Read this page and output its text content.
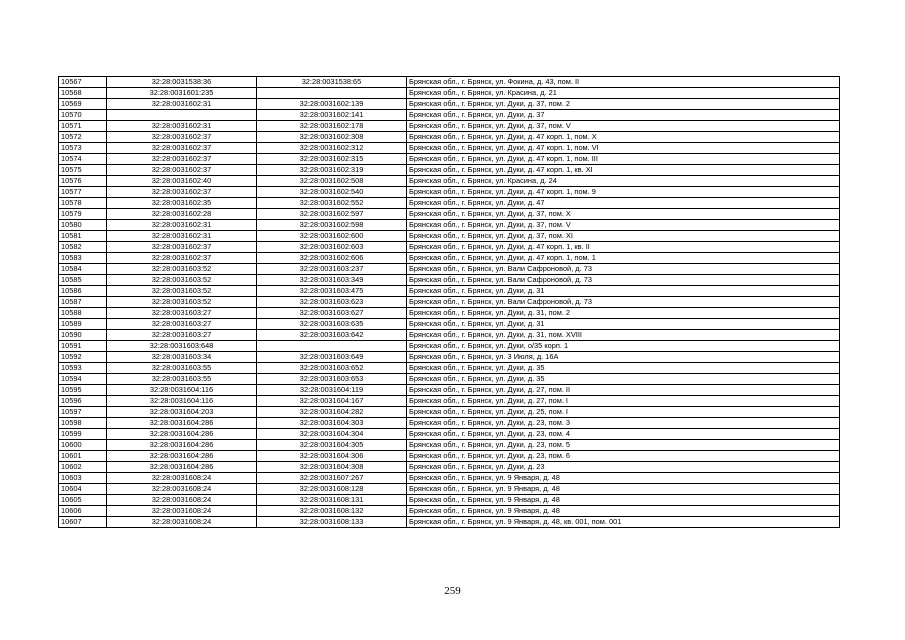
10567	32:28:0031538:36	32:28:0031538:65	Брянская обл., г. Брянск, ул. Фокина, д. 43, пом. II
10568	32:28:0031601:235		Брянская обл., г. Брянск, ул. Красина, д. 21
10569	32:28:0031602:31	32:28:0031602:139	Брянская обл., г. Брянск, ул. Дуки, д. 37, пом. 2
10570		32:28:0031602:141	Брянская обл., г. Брянск, ул. Дуки, д. 37
10571	32:28:0031602:31	32:28:0031602:178	Брянская обл., г. Брянск, ул. Дуки, д. 37, пом. V
10572	32:28:0031602:37	32:28:0031602:308	Брянская обл., г. Брянск, ул. Дуки, д. 47 корп. 1, пом. X
10573	32:28:0031602:37	32:28:0031602:312	Брянская обл., г. Брянск, ул. Дуки, д. 47 корп. 1, пом. VI
10574	32:28:0031602:37	32:28:0031602:315	Брянская обл., г. Брянск, ул. Дуки, д. 47 корп. 1, пом. III
10575	32:28:0031602:37	32:28:0031602:319	Брянская обл., г. Брянск, ул. Дуки, д. 47 корп. 1, кв. XI
10576	32:28:0031602:40	32:28:0031602:508	Брянская обл., г. Брянск, ул. Красина, д. 24
10577	32:28:0031602:37	32:28:0031602:540	Брянская обл., г. Брянск, ул. Дуки, д. 47 корп. 1, пом. 9
10578	32:28:0031602:35	32:28:0031602:552	Брянская обл., г. Брянск, ул. Дуки, д. 47
10579	32:28:0031602:28	32:28:0031602:597	Брянская обл., г. Брянск, ул. Дуки, д. 37, пом. X
10580	32:28:0031602:31	32:28:0031602:598	Брянская обл., г. Брянск, ул. Дуки, д. 37, пом. V
10581	32:28:0031602:31	32:28:0031602:600	Брянская обл., г. Брянск, ул. Дуки, д. 37, пом. XI
10582	32:28:0031602:37	32:28:0031602:603	Брянская обл., г. Брянск, ул. Дуки, д. 47 корп. 1, кв. II
10583	32:28:0031602:37	32:28:0031602:606	Брянская обл., г. Брянск, ул. Дуки, д. 47 корп. 1, пом. 1
10584	32:28:0031603:52	32:28:0031603:237	Брянская обл., г. Брянск, ул. Вали Сафроновой, д. 73
10585	32:28:0031603:52	32:28:0031603:349	Брянская обл., г. Брянск, ул. Вали Сафроновой, д. 73
10586	32:28:0031603:52	32:28:0031603:475	Брянская обл., г. Брянск, ул. Дуки, д. 31
10587	32:28:0031603:52	32:28:0031603:623	Брянская обл., г. Брянск, ул. Вали Сафроновой, д. 73
10588	32:28:0031603:27	32:28:0031603:627	Брянская обл., г. Брянск, ул. Дуки, д. 31, пом. 2
10589	32:28:0031603:27	32:28:0031603:635	Брянская обл., г. Брянск, ул. Дуки, д. 31
10590	32:28:0031603:27	32:28:0031603:642	Брянская обл., г. Брянск, ул. Дуки, д. 31, пом. XVIII
10591	32:28:0031603:648		Брянская обл., г. Брянск, ул. Дуки, о/35 корп. 1
10592	32:28:0031603:34	32:28:0031603:649	Брянская обл., г. Брянск, ул. 3 Июля, д. 16А
10593	32:28:0031603:55	32:28:0031603:652	Брянская обл., г. Брянск, ул. Дуки, д. 35
10594	32:28:0031603:55	32:28:0031603:653	Брянская обл., г. Брянск, ул. Дуки, д. 35
10595	32:28:0031604:116	32:28:0031604:119	Брянская обл., г. Брянск, ул. Дуки, д. 27, пом. II
10596	32:28:0031604:116	32:28:0031604:167	Брянская обл., г. Брянск, ул. Дуки, д. 27, пом. I
10597	32:28:0031604:203	32:28:0031604:282	Брянская обл., г. Брянск, ул. Дуки, д. 25, пом. I
10598	32:28:0031604:286	32:28:0031604:303	Брянская обл., г. Брянск, ул. Дуки, д. 23, пом. 3
10599	32:28:0031604:286	32:28:0031604:304	Брянская обл., г. Брянск, ул. Дуки, д. 23, пом. 4
10600	32:28:0031604:286	32:28:0031604:305	Брянская обл., г. Брянск, ул. Дуки, д. 23, пом. 5
10601	32:28:0031604:286	32:28:0031604:306	Брянская обл., г. Брянск, ул. Дуки, д. 23, пом. 6
10602	32:28:0031604:286	32:28:0031604:308	Брянская обл., г. Брянск, ул. Дуки, д. 23
10603	32:28:0031608:24	32:28:0031607:267	Брянская обл., г. Брянск, ул. 9 Января, д. 48
10604	32:28:0031608:24	32:28:0031608:128	Брянская обл., г. Брянск, ул. 9 Января, д. 48
10605	32:28:0031608:24	32:28:0031608:131	Брянская обл., г. Брянск, ул. 9 Января, д. 48
10606	32:28:0031608:24	32:28:0031608:132	Брянская обл., г. Брянск, ул. 9 Января, д. 48
10607	32:28:0031608:24	32:28:0031608:133	Брянская обл., г. Брянск, ул. 9 Января, д. 48, кв. 001, пом. 001
259
